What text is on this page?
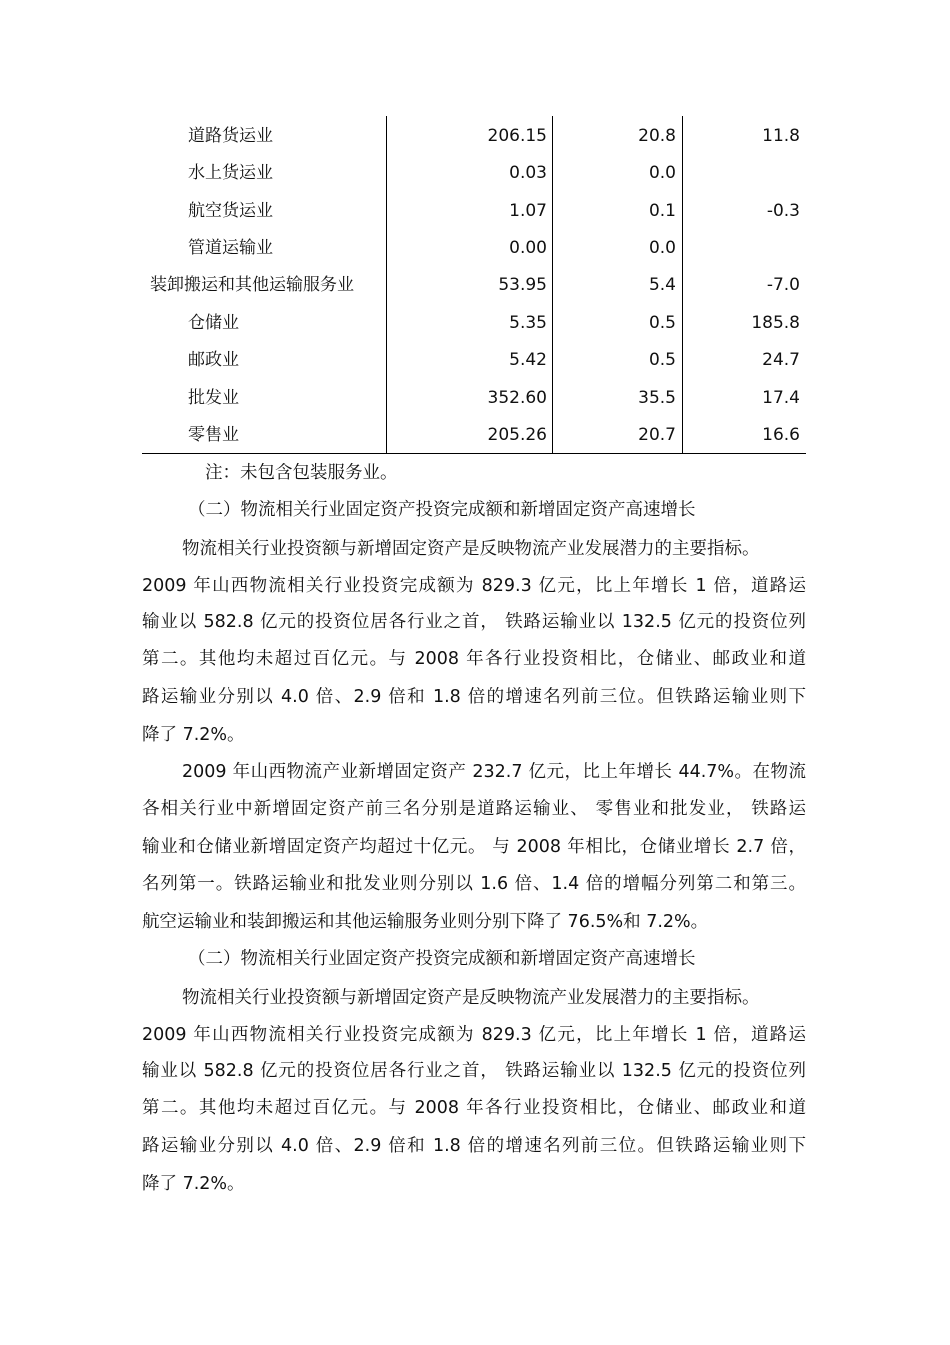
道路货运业	206.15	20.8	11.8
水上货运业	0.03	0.0
航空货运业	1.07	0.1	-0.3
管道运输业	0.00	0.0
装卸搬运和其他运输服务业	53.95	5.4	-7.0
仓储业	5.35	0.5	185.8
邮政业	5.42	0.5	24.7
批发业	352.60	35.5	17.4
零售业	205.26	20.7	16.6
注：未包含包装服务业。
（二）物流相关行业固定资产投资完成额和新增固定资产高速增长
物流相关行业投资额与新增固定资产是反映物流产业发展潜力的主要指标。
2009 年山西物流相关行业投资完成额为 829.3 亿元，比上年增长 1 倍，道路运
输业以 582.8 亿元的投资位居各行业之首， 铁路运输业以 132.5 亿元的投资位列
第二。其他均未超过百亿元。与 2008 年各行业投资相比，仓储业、邮政业和道
路运输业分别以 4.0 倍、2.9 倍和 1.8 倍的增速名列前三位。但铁路运输业则下
降了 7.2%。
2009 年山西物流产业新增固定资产 232.7 亿元，比上年增长 44.7%。在物流
各相关行业中新增固定资产前三名分别是道路运输业、 零售业和批发业， 铁路运
输业和仓储业新增固定资产均超过十亿元。 与 2008 年相比，仓储业增长 2.7 倍，
名列第一。铁路运输业和批发业则分别以 1.6 倍、1.4 倍的增幅分列第二和第三。
航空运输业和装卸搬运和其他运输服务业则分别下降了 76.5%和 7.2%。
（二）物流相关行业固定资产投资完成额和新增固定资产高速增长
物流相关行业投资额与新增固定资产是反映物流产业发展潜力的主要指标。
2009 年山西物流相关行业投资完成额为 829.3 亿元，比上年增长 1 倍，道路运
输业以 582.8 亿元的投资位居各行业之首， 铁路运输业以 132.5 亿元的投资位列
第二。其他均未超过百亿元。与 2008 年各行业投资相比，仓储业、邮政业和道
路运输业分别以 4.0 倍、2.9 倍和 1.8 倍的增速名列前三位。但铁路运输业则下
降了 7.2%。
